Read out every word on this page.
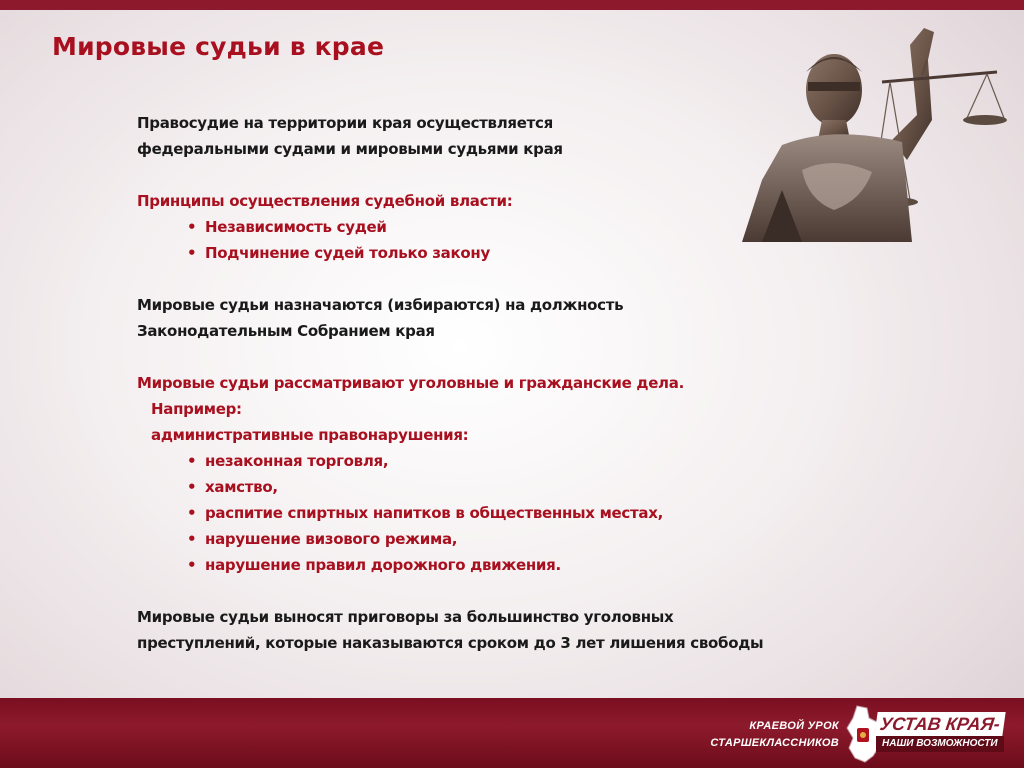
Мировые судьи в крае

Правосудие на территории края осуществляется

федеральными судами и мировыми судьями края

Принципы осуществления судебной власти:

• Независимость судей
• Подчинение судей только закону

Мировые судьи назначаются (избираются) на должность

Законодательным Собранием края

Мировые судьи рассматривают уголовные и гражданские дела.

Например:

административные правонарушения:

• незаконная торговля,
• хамство,
• распитие спиртных напитков в общественных местах,
• нарушение визового режима,
• нарушение правил дорожного движения.

Мировые судьи выносят приговоры за большинство уголовных

преступлений, которые наказываются сроком до 3 лет лишения свободы

КРАЕВОЙ УРОК
СТАРШЕКЛАССНИКОВ
УСТАВ КРАЯ-
НАШИ ВОЗМОЖНОСТИ
